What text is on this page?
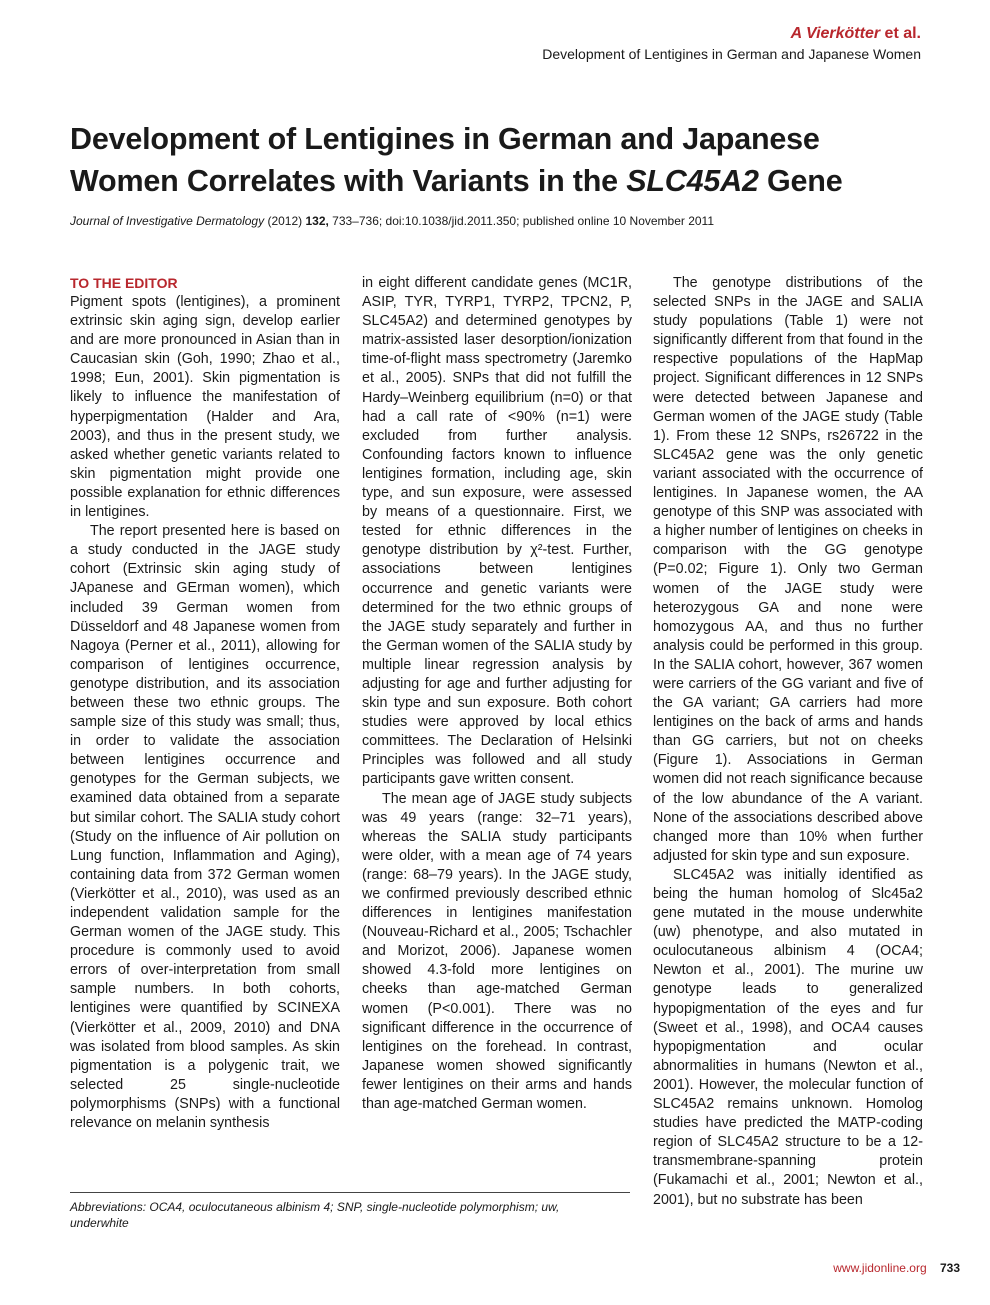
A Vierkötter et al.
Development of Lentigines in German and Japanese Women
Development of Lentigines in German and Japanese Women Correlates with Variants in the SLC45A2 Gene
Journal of Investigative Dermatology (2012) 132, 733–736; doi:10.1038/jid.2011.350; published online 10 November 2011
TO THE EDITOR

Pigment spots (lentigines), a prominent extrinsic skin aging sign, develop earlier and are more pronounced in Asian than in Caucasian skin (Goh, 1990; Zhao et al., 1998; Eun, 2001). Skin pigmentation is likely to influence the manifestation of hyperpigmentation (Halder and Ara, 2003), and thus in the present study, we asked whether genetic variants related to skin pigmentation might provide one possible explanation for ethnic differences in lentigines.

The report presented here is based on a study conducted in the JAGE study cohort (Extrinsic skin aging study of JApanese and GErman women), which included 39 German women from Düsseldorf and 48 Japanese women from Nagoya (Perner et al., 2011), allowing for comparison of lentigines occurrence, genotype distribution, and its association between these two ethnic groups. The sample size of this study was small; thus, in order to validate the association between lentigines occurrence and genotypes for the German subjects, we examined data obtained from a separate but similar cohort. The SALIA study cohort (Study on the influence of Air pollution on Lung function, Inflammation and Aging), containing data from 372 German women (Vierkötter et al., 2010), was used as an independent validation sample for the German women of the JAGE study. This procedure is commonly used to avoid errors of over-interpretation from small sample numbers. In both cohorts, lentigines were quantified by SCINEXA (Vierkötter et al., 2009, 2010) and DNA was isolated from blood samples. As skin pigmentation is a polygenic trait, we selected 25 single-nucleotide polymorphisms (SNPs) with a functional relevance on melanin synthesis

in eight different candidate genes (MC1R, ASIP, TYR, TYRP1, TYRP2, TPCN2, P, SLC45A2) and determined genotypes by matrix-assisted laser desorption/ionization time-of-flight mass spectrometry (Jaremko et al., 2005). SNPs that did not fulfill the Hardy–Weinberg equilibrium (n=0) or that had a call rate of <90% (n=1) were excluded from further analysis. Confounding factors known to influence lentigines formation, including age, skin type, and sun exposure, were assessed by means of a questionnaire. First, we tested for ethnic differences in the genotype distribution by χ²-test. Further, associations between lentigines occurrence and genetic variants were determined for the two ethnic groups of the JAGE study separately and further in the German women of the SALIA study by multiple linear regression analysis by adjusting for age and further adjusting for skin type and sun exposure. Both cohort studies were approved by local ethics committees. The Declaration of Helsinki Principles was followed and all study participants gave written consent.

The mean age of JAGE study subjects was 49 years (range: 32–71 years), whereas the SALIA study participants were older, with a mean age of 74 years (range: 68–79 years). In the JAGE study, we confirmed previously described ethnic differences in lentigines manifestation (Nouveau-Richard et al., 2005; Tschachler and Morizot, 2006). Japanese women showed 4.3-fold more lentigines on cheeks than age-matched German women (P<0.001). There was no significant difference in the occurrence of lentigines on the forehead. In contrast, Japanese women showed significantly fewer lentigines on their arms and hands than age-matched German women.

The genotype distributions of the selected SNPs in the JAGE and SALIA study populations (Table 1) were not significantly different from that found in the respective populations of the HapMap project. Significant differences in 12 SNPs were detected between Japanese and German women of the JAGE study (Table 1). From these 12 SNPs, rs26722 in the SLC45A2 gene was the only genetic variant associated with the occurrence of lentigines. In Japanese women, the AA genotype of this SNP was associated with a higher number of lentigines on cheeks in comparison with the GG genotype (P=0.02; Figure 1). Only two German women of the JAGE study were heterozygous GA and none were homozygous AA, and thus no further analysis could be performed in this group. In the SALIA cohort, however, 367 women were carriers of the GG variant and five of the GA variant; GA carriers had more lentigines on the back of arms and hands than GG carriers, but not on cheeks (Figure 1). Associations in German women did not reach significance because of the low abundance of the A variant. None of the associations described above changed more than 10% when further adjusted for skin type and sun exposure.

SLC45A2 was initially identified as being the human homolog of Slc45a2 gene mutated in the mouse underwhite (uw) phenotype, and also mutated in oculocutaneous albinism 4 (OCA4; Newton et al., 2001). The murine uw genotype leads to generalized hypopigmentation of the eyes and fur (Sweet et al., 1998), and OCA4 causes hypopigmentation and ocular abnormalities in humans (Newton et al., 2001). However, the molecular function of SLC45A2 remains unknown. Homolog studies have predicted the MATP-coding region of SLC45A2 structure to be a 12-transmembrane-spanning protein (Fukamachi et al., 2001; Newton et al., 2001), but no substrate has been

Abbreviations: OCA4, oculocutaneous albinism 4; SNP, single-nucleotide polymorphism; uw, underwhite
www.jidonline.org 733
